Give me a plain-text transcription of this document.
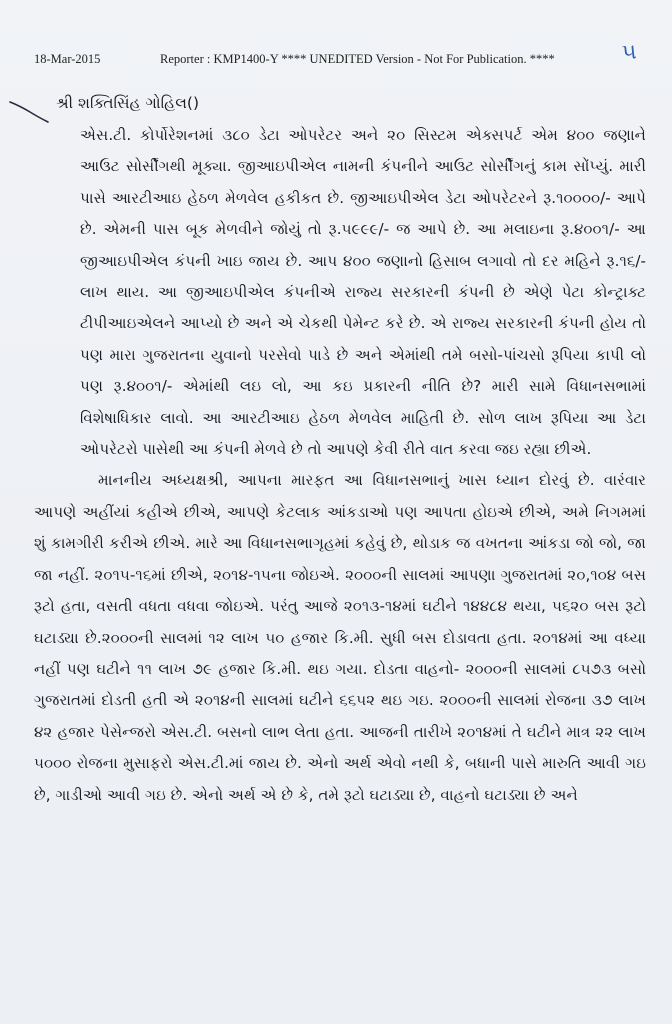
18-Mar-2015	Reporter : KMP1400-Y **** UNEDITED Version - Not For Publication. ****	૫
શ્રી શક્તિસિંહ ગોહિલ()

એસ.ટી. કોર્પોરેશનમાં ૩૮૦ ડેટા ઓપરેટર અને ૨૦ સિસ્ટમ એક્સપર્ટ એમ ૪૦૦ જણાને આઉટ સોર્સીંગથી મૂક્યા. જીઆઇપીએલ નામની કંપનીને આઉટ સોર્સીંગનું કામ સોંપ્યું. મારી પાસે આરટીઆઇ હેઠળ મેળવેલ હકીકત છે. જીઆઇપીએલ ડેટા ઓપરેટરને રૂ.૧૦૦૦૦/- આપે છે. એમની પાસ બૂક મેળવીને જોયું તો રૂ.૫૯૯૯/- જ આપે છે. આ મલાઇના રૂ.૪૦૦૧/- આ જીઆઇપીએલ કંપની ખાઇ જાય છે. આપ ૪૦૦ જણાનો હિસાબ લગાવો તો દર મહિને રૂ.૧૬/- લાખ થાય. આ જીઆઇપીએલ કંપનીએ રાજ્ય સરકારની કંપની છે એણે પેટા કોન્ટ્રાક્ટ ટીપીઆઇએલને આપ્યો છે અને એ ચેકથી પેમેન્ટ કરે છે. એ રાજ્ય સરકારની કંપની હોય તો પણ મારા ગુજરાતના યુવાનો પરસેવો પાડે છે અને એમાંથી તમે બસો-પાંચસો રૂપિયા કાપી લો પણ રૂ.૪૦૦૧/- એમાંથી લઇ લો, આ કઇ પ્રકારની નીતિ છે? મારી સામે વિધાનસભામાં વિશેષાધિકાર લાવો. આ આરટીઆઇ હેઠળ મેળવેલ માહિતી છે. સોળ લાખ રૂપિયા આ ડેટા ઓપરેટરો પાસેથી આ કંપની મેળવે છે તો આપણે કેવી રીતે વાત કરવા જઇ રહ્યા છીએ.

માનનીય અધ્યક્ષશ્રી, આપના મારફત આ વિધાનસભાનું ખાસ ધ્યાન દોરવું છે. વારંવાર આપણે અહીંયાં કહીએ છીએ, આપણે કેટલાક આંકડાઓ પણ આપતા હોઇએ છીએ, અમે નિગમમાં શું કામગીરી કરીએ છીએ. મારે આ વિધાનસભાગૃહમાં કહેવું છે, થોડાક જ વખતના આંકડા જો જો, જા જા નહીં. ૨૦૧૫-૧૬માં છીએ, ૨૦૧૪-૧૫ના જોઇએ. ૨૦૦૦ની સાલમાં આપણા ગુજરાતમાં ૨૦,૧૦૪ બસ રૂટો હતા, વસતી વધતા વધવા જોઇએ. પરંતુ આજે ૨૦૧૩-૧૪માં ઘટીને ૧૪૪૮૪ થયા, ૫૬૨૦ બસ રૂટો ઘટાડ્યા છે.૨૦૦૦ની સાલમાં ૧૨ લાખ ૫૦ હજાર કિ.મી. સુધી બસ દોડાવતા હતા. ૨૦૧૪માં આ વધ્યા નહીં પણ ઘટીને ૧૧ લાખ ૭૯ હજાર કિ.મી. થઇ ગયા. દોડતા વાહનો- ૨૦૦૦ની સાલમાં ૮૫૭૩ બસો ગુજરાતમાં દોડતી હતી એ ૨૦૧૪ની સાલમાં ઘટીને ૬૬૫૨ થઇ ગઇ. ૨૦૦૦ની સાલમાં રોજના ૩૭ લાખ ૪૨ હજાર પેસેન્જરો એસ.ટી. બસનો લાભ લેતા હતા. આજની તારીખે ૨૦૧૪માં તે ઘટીને માત્ર ૨૨ લાખ ૫૦૦૦ રોજના મુસાફરો એસ.ટી.માં જાય છે. એનો અર્થ એવો નથી કે, બધાની પાસે મારુતિ આવી ગઇ છે, ગાડીઓ આવી ગઇ છે. એનો અર્થ એ છે કે, તમે રૂટો ઘટાડ્યા છે, વાહનો ઘટાડ્યા છે અને
